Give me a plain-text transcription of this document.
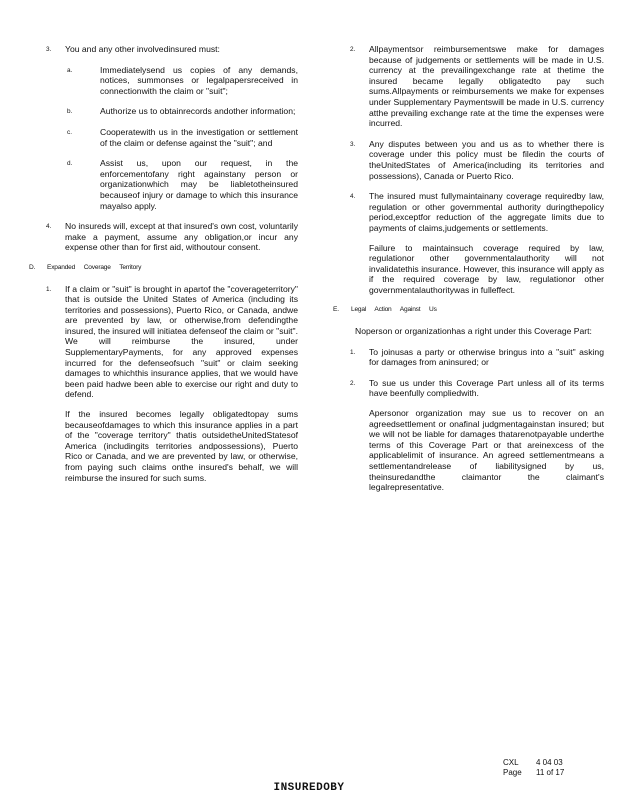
3. You and any other involvedinsured must:
a.	Immediatelysend us copies of any demands, notices, summonses or legalpapersreceived in connectionwith the claim or "suit";
b.	Authorize us to obtainrecords andother information;
c.	Cooperatewith us in the investigation or settlement of the claim or defense against the "suit"; and
d.	Assist us, upon our request, in the enforcementofany right againstany person or organizationwhich may be liabletotheinsured becauseof injury or damage to which this insurance mayalso apply.
4. No insureds will, except at that insured's own cost, voluntarily make a payment, assume any obligation,or incur any expense other than for first aid, withoutour consent.
D. Expanded Coverage Territory
1. If a claim or "suit" is brought in apartof the "coverageterritory" that is outside the United States of America (including its territories and possessions), Puerto Rico, or Canada, andwe are prevented by law, or otherwise,from defendingthe insured, the insured will initiatea defenseof the claim or "suit". We will reimburse the insured, under SupplementaryPayments, for any approved expenses incurred for the defenseofsuch "suit" or claim seeking damages to whichthis insurance applies, that we would have been paid hadwe been able to exercise our right and duty to defend.
If the insured becomes legally obligatedtopay sums becauseofdamages to which this insurance applies in a part of the "coverage territory" thatis outsidetheUnitedStatesof America (includingits territories andpossessions), Puerto Rico or Canada, and we are prevented by law, or otherwise, from paying such claims onthe insured's behalf, we will reimburse the insured for such sums.
2. Allpaymentsor reimbursementswe make for damages because of judgements or settlements will be made in U.S. currency at the prevailingexchange rate at thetime the insured became legally obligatedto pay such sums.Allpayments or reimbursements we make for expenses under Supplementary Paymentswill be made in U.S. currency atthe prevailing exchange rate at the time the expenses were incurred.
3. Any disputes between you and us as to whether there is coverage under this policy must be filedin the courts of theUnitedStates of America(including its territories and possessions), Canada or Puerto Rico.
4. The insured must fullymaintainany coverage requiredby law, regulation or other governmental authority duringthepolicy period,exceptfor reduction of the aggregate limits due to payments of claims,judgements or settlements.
Failure to maintainsuch coverage required by law, regulationor other governmentalauthority will not invalidatethis insurance. However, this insurance will apply as if the required coverage by law, regulationor other governmentalauthoritywas in fulleffect.
E. Legal Action Against Us
Noperson or organizationhas a right under this Coverage Part:
1. To joinusas a party or otherwise bringus into a "suit" asking for damages from aninsured; or
2. To sue us under this Coverage Part unless all of its terms have beenfully compliedwith.
Apersonor organization may sue us to recover on an agreedsettlement or onafinal judgmentagainstan insured; but we will not be liable for damages thatarenotpayable underthe terms of this Coverage Part or that areinexcess of the applicablelimit of insurance. An agreed settlementmeans a settlementandrelease of liabilitysigned by us, theinsuredandthe claimantor the claimant's legalrepresentative.
CXL	4 04 03
Page	11 of 17
INSUREDOBY
